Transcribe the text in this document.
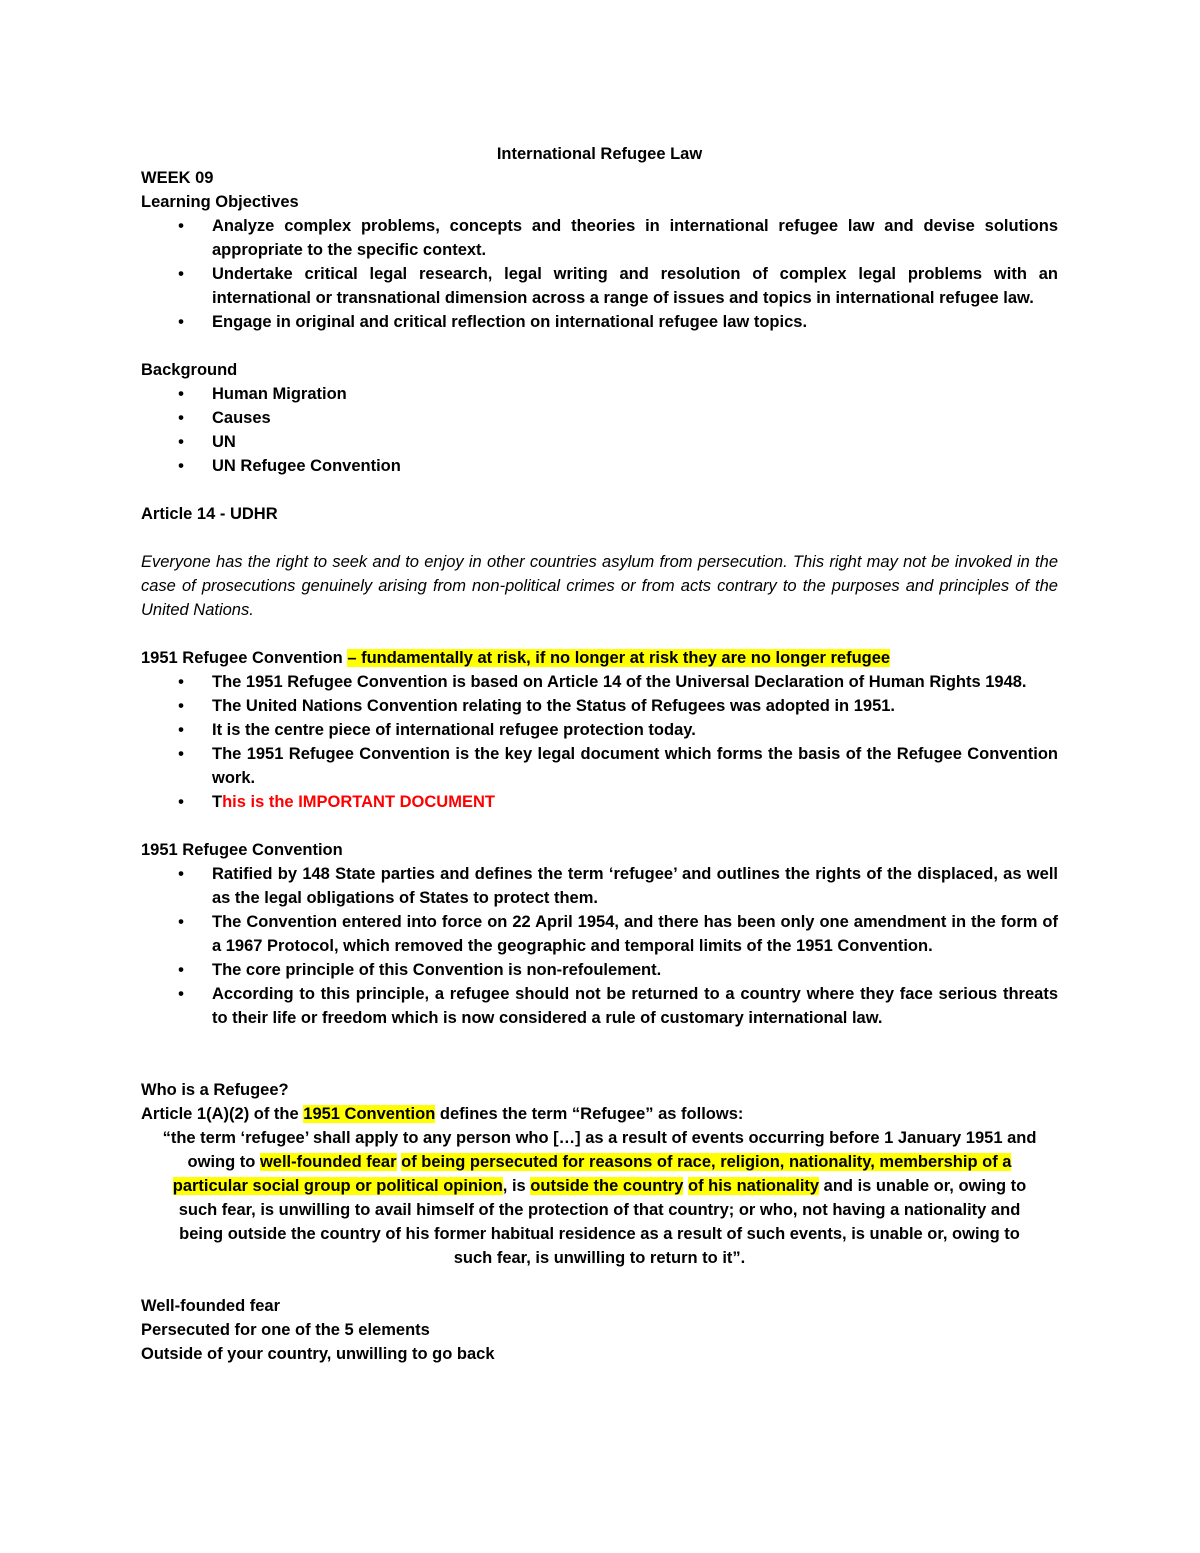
International Refugee Law
WEEK 09
Learning Objectives
• Analyze complex problems, concepts and theories in international refugee law and devise solutions appropriate to the specific context.
• Undertake critical legal research, legal writing and resolution of complex legal problems with an international or transnational dimension across a range of issues and topics in international refugee law.
• Engage in original and critical reflection on international refugee law topics.
Background
• Human Migration
• Causes
• UN
• UN Refugee Convention
Article 14 - UDHR
Everyone has the right to seek and to enjoy in other countries asylum from persecution. This right may not be invoked in the case of prosecutions genuinely arising from non-political crimes or from acts contrary to the purposes and principles of the United Nations.
1951 Refugee Convention – fundamentally at risk, if no longer at risk they are no longer refugee
• The 1951 Refugee Convention is based on Article 14 of the Universal Declaration of Human Rights 1948.
• The United Nations Convention relating to the Status of Refugees was adopted in 1951.
• It is the centre piece of international refugee protection today.
• The 1951 Refugee Convention is the key legal document which forms the basis of the Refugee Convention work.
• This is the IMPORTANT DOCUMENT
1951 Refugee Convention
• Ratified by 148 State parties and defines the term ‘refugee’ and outlines the rights of the displaced, as well as the legal obligations of States to protect them.
• The Convention entered into force on 22 April 1954, and there has been only one amendment in the form of a 1967 Protocol, which removed the geographic and temporal limits of the 1951 Convention.
• The core principle of this Convention is non-refoulement.
• According to this principle, a refugee should not be returned to a country where they face serious threats to their life or freedom which is now considered a rule of customary international law.
Who is a Refugee?
Article 1(A)(2) of the 1951 Convention defines the term “Refugee” as follows:
“the term ‘refugee’ shall apply to any person who […] as a result of events occurring before 1 January 1951 and owing to well-founded fear of being persecuted for reasons of race, religion, nationality, membership of a particular social group or political opinion, is outside the country of his nationality and is unable or, owing to such fear, is unwilling to avail himself of the protection of that country; or who, not having a nationality and being outside the country of his former habitual residence as a result of such events, is unable or, owing to such fear, is unwilling to return to it”.
Well-founded fear
Persecuted for one of the 5 elements
Outside of your country, unwilling to go back
